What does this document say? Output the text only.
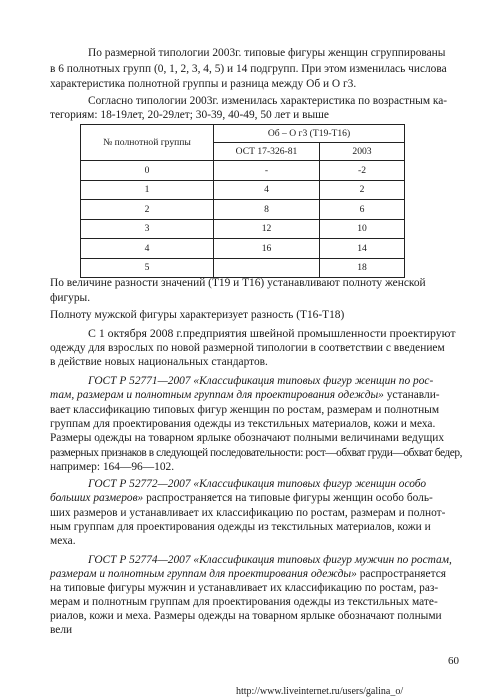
По размерной типологии 2003г. типовые фигуры женщин сгруппированы
в 6 полнотных групп (0, 1, 2, 3, 4, 5) и 14 подгрупп. При этом изменилась числова
характеристика полнотной группы и разница между Об и О г3.
Согласно типологии 2003г. изменилась характеристика по возрастным ка-
тегориям: 18-19лет, 20-29лет; 30-39, 40-49, 50 лет и выше
№ полнотной группы	Об – О г3 (Т19-Т16)	
	ОСТ 17-326-81	2003
0	-	-2
1	4	2
2	8	6
3	12	10
4	16	14
5		18
По величине разности значений (Т19 и Т16) устанавливают полноту женской
фигуры.
Полноту мужской фигуры характеризует разность (Т16-Т18)
С 1 октября 2008 г.предприятия швейной промышленности проектируют
одежду для взрослых по новой размерной типологии в соответствии с введением
в действие новых национальных стандартов.
ГОСТ Р 52771—2007 «Классификация типовых фигур женщин по рос-
там, размерам и полнотным группам для проектирования одежды» устанавли-
вает классификацию типовых фигур женщин по ростам, размерам и полнотным
группам для проектирования одежды из текстильных материалов, кожи и меха.
Размеры одежды на товарном ярлыке обозначают полными величинами ведущих
размерных признаков в следующей последовательности: рост—обхват груди—обхват бедер,
например: 164—96—102.
ГОСТ Р 52772—2007 «Классификация типовых фигур женщин особо
больших размеров» распространяется на типовые фигуры женщин особо боль-
ших размеров и устанавливает их классификацию по ростам, размерам и полнот-
ным группам для проектирования одежды из текстильных материалов, кожи и
меха.
ГОСТ Р 52774—2007 «Классификация типовых фигур мужчин по ростам,
размерам и полнотным группам для проектирования одежды» распространяется
на типовые фигуры мужчин и устанавливает их классификацию по ростам, раз-
мерам и полнотным группам для проектирования одежды из текстильных мате-
риалов, кожи и меха. Размеры одежды на товарном ярлыке обозначают полными
вели
60
http://www.liveinternet.ru/users/galina_o/
